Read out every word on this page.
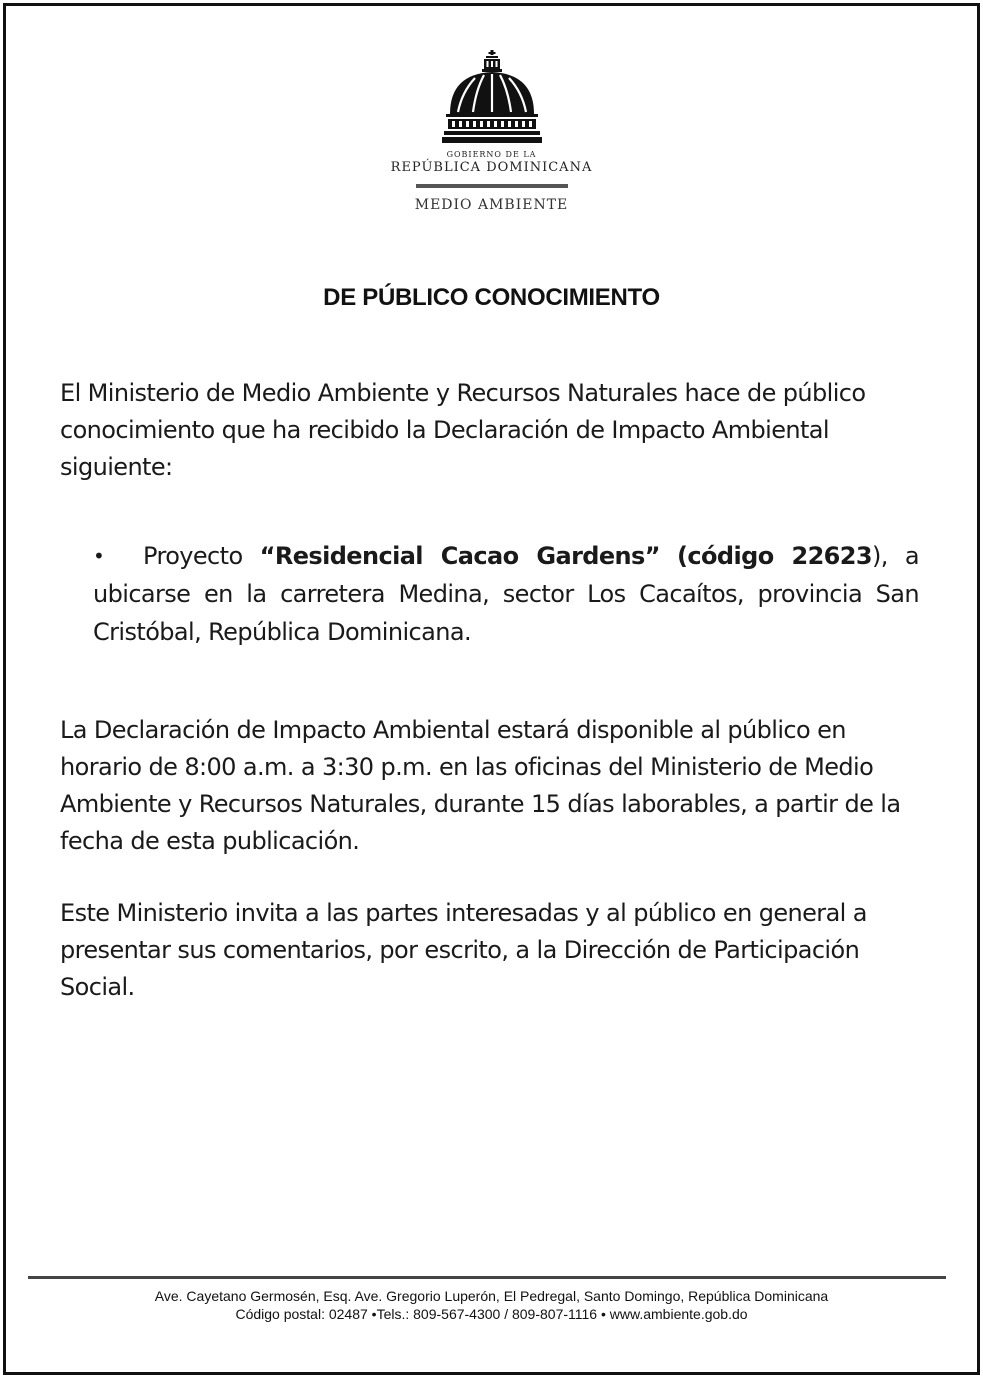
GOBIERNO DE LA
REPÚBLICA DOMINICANA
MEDIO AMBIENTE
DE PÚBLICO CONOCIMIENTO
El Ministerio de Medio Ambiente y Recursos Naturales hace de público conocimiento que ha recibido la Declaración de Impacto Ambiental siguiente:
• Proyecto “Residencial Cacao Gardens” (código 22623), a ubicarse en la carretera Medina, sector Los Cacaítos, provincia San Cristóbal, República Dominicana.
La Declaración de Impacto Ambiental estará disponible al público en horario de 8:00 a.m. a 3:30 p.m. en las oficinas del Ministerio de Medio Ambiente y Recursos Naturales, durante 15 días laborables, a partir de la fecha de esta publicación.
Este Ministerio invita a las partes interesadas y al público en general a presentar sus comentarios, por escrito, a la Dirección de Participación Social.
Ave. Cayetano Germosén, Esq. Ave. Gregorio Luperón, El Pedregal, Santo Domingo, República Dominicana
Código postal: 02487 •Tels.: 809-567-4300 / 809-807-1116 • www.ambiente.gob.do
